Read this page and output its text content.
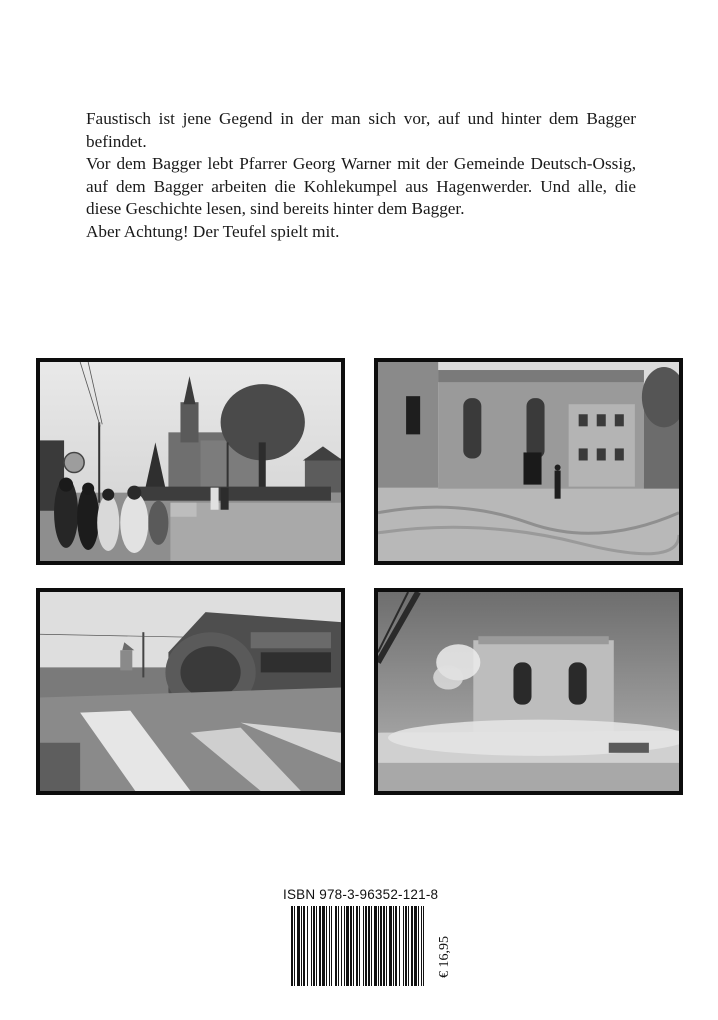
Faustisch ist jene Gegend in der man sich vor, auf und hinter dem Bagger befindet.

Vor dem Bagger lebt Pfarrer Georg Warner mit der Gemeinde Deutsch-Ossig, auf dem Bagger arbeiten die Kohlekumpel aus Hagenwerder. Und alle, die diese Geschichte lesen, sind bereits hinter dem Bagger.

Aber Achtung! Der Teufel spielt mit.

ISBN 978-3-96352-121-8
€ 16,95
